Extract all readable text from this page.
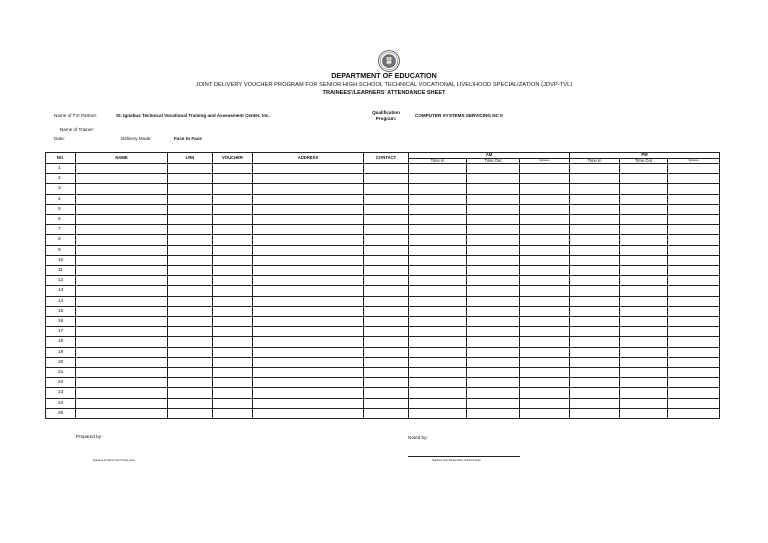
DEPARTMENT OF EDUCATION
JOINT DELIVERY VOUCHER PROGRAM FOR SENIOR HIGH SCHOOL TECHNICAL VOCATIONAL LIVELIHOOD SPECIALIZATION (JDVP-TVL)
TRAINEES'/LEARNERS' ATTENDANCE SHEET
Name of TVI Partner:	St. Ignatius Technical Vocational Training and Assessment Center, Inc.
Qualification
Program:
COMPUTER SYSTEMS SERVICING NC II
Name of Trainer:
Date:	Delivery Mode:	Face to Face
NO.	NAME	LRN	VOUCHER	ADDRESS	CONTACT	AM			PM		
						Time In	Time Out	Signature	Time In	Time Out	Signature
1											
2											
3											
4											
5											
6											
7											
8											
9											
10											
11											
12											
13											
14											
15											
16											
17											
18											
19											
20											
21											
22											
23											
24											
25											
Prepared by :
Signature of Trainer Over Printed name
Noted by:
Signature Over Printed Name of School Head
